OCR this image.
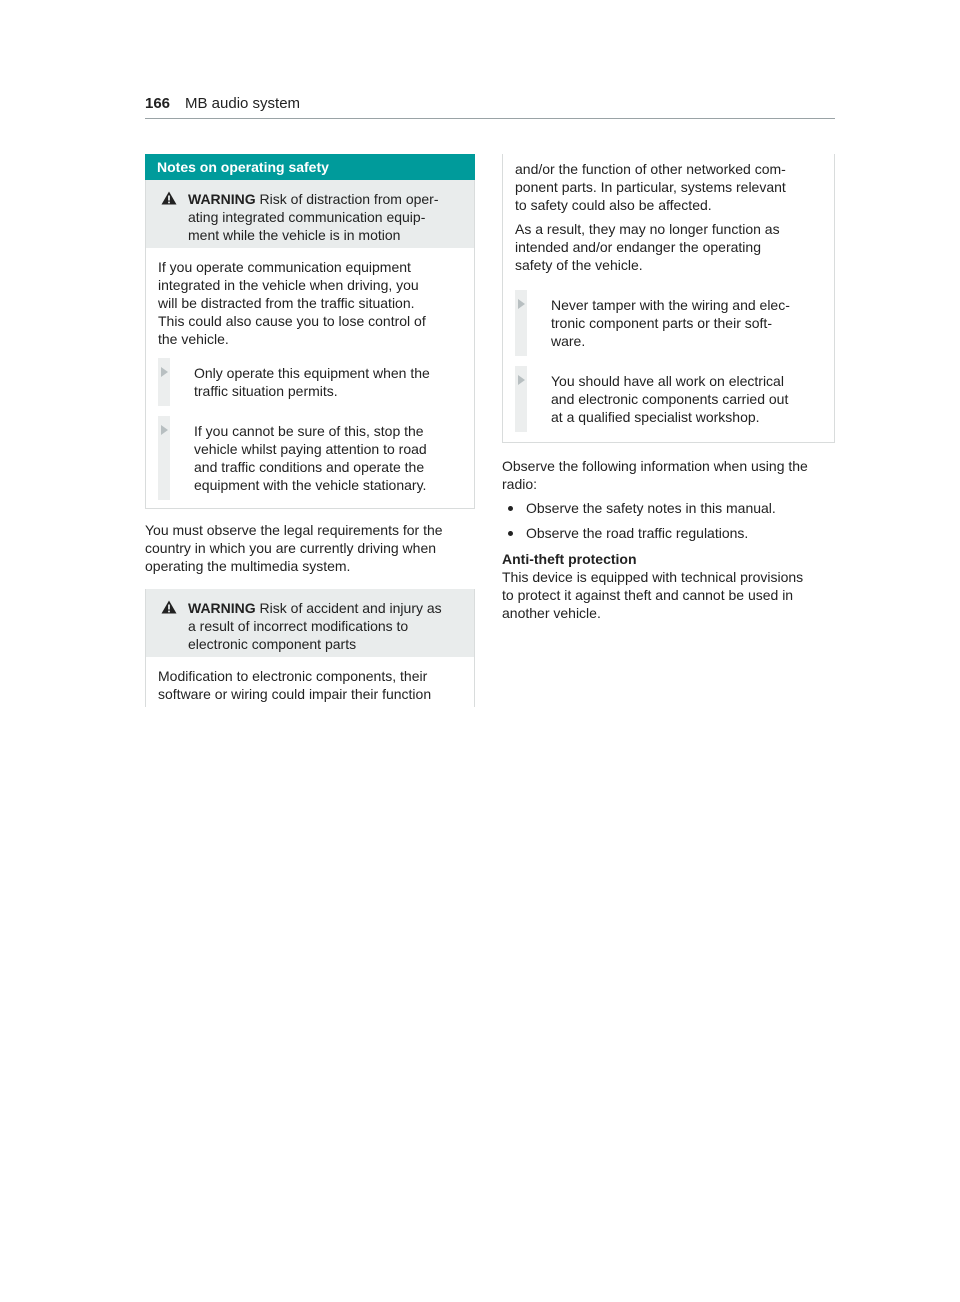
166 MB audio system
Notes on operating safety
WARNING Risk of distraction from oper-
ating integrated communication equip-
ment while the vehicle is in motion
If you operate communication equipment
integrated in the vehicle when driving, you
will be distracted from the traffic situation.
This could also cause you to lose control of
the vehicle.
Only operate this equipment when the
traffic situation permits.
If you cannot be sure of this, stop the
vehicle whilst paying attention to road
and traffic conditions and operate the
equipment with the vehicle stationary.
You must observe the legal requirements for the
country in which you are currently driving when
operating the multimedia system.
WARNING Risk of accident and injury as
a result of incorrect modifications to
electronic component parts
Modification to electronic components, their
software or wiring could impair their function
and/or the function of other networked com-
ponent parts. In particular, systems relevant
to safety could also be affected.
As a result, they may no longer function as
intended and/or endanger the operating
safety of the vehicle.
Never tamper with the wiring and elec-
tronic component parts or their soft-
ware.
You should have all work on electrical
and electronic components carried out
at a qualified specialist workshop.
Observe the following information when using the
radio:
Observe the safety notes in this manual.
Observe the road traffic regulations.
Anti-theft protection
This device is equipped with technical provisions
to protect it against theft and cannot be used in
another vehicle.
